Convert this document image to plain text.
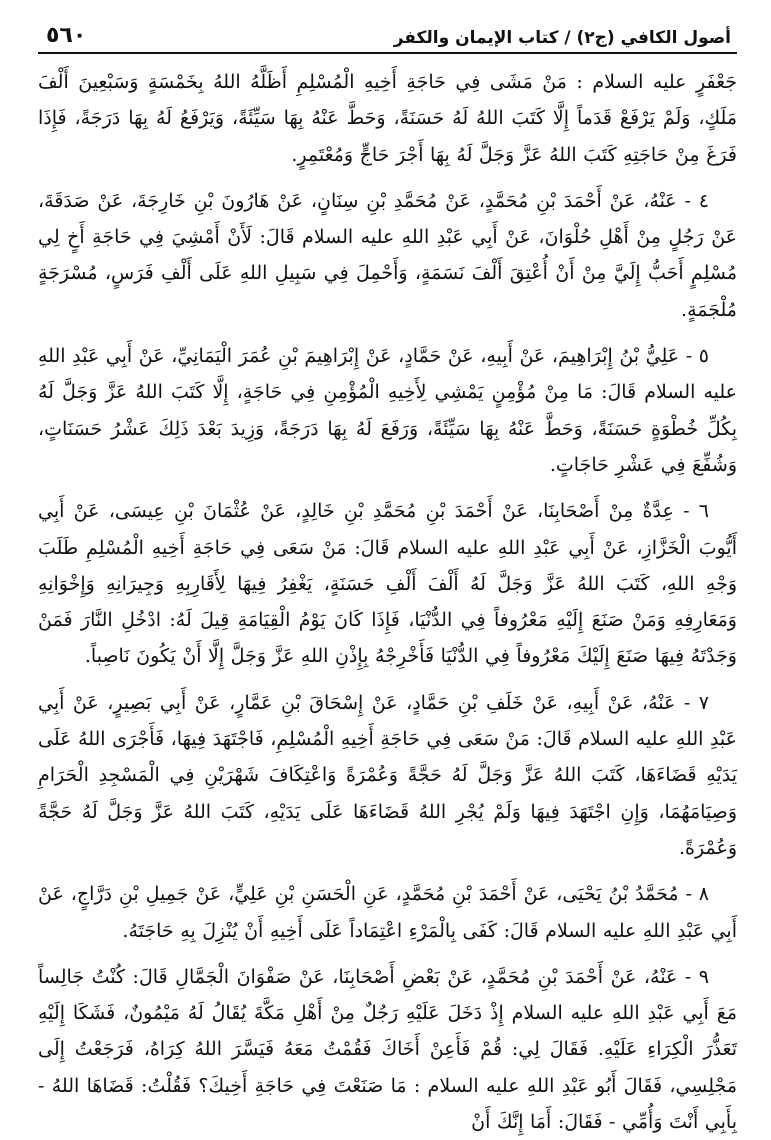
أصول الكافي (ج٢) / كتاب الإيمان والكفر
٥٦٠

جَعْفَرٍ عليه السلام : مَنْ مَشَى فِي حَاجَةِ أَخِيهِ الْمُسْلِمِ أَظَلَّهُ اللهُ بِخَمْسَةٍ وَسَبْعِينَ أَلْفَ مَلَكٍ، وَلَمْ يَرْفَعْ قَدَماً إِلَّا كَتَبَ اللهُ لَهُ حَسَنَةً، وَحَطَّ عَنْهُ بِهَا سَيِّئَةً، وَيَرْفَعُ لَهُ بِهَا دَرَجَةً، فَإِذَا فَرَغَ مِنْ حَاجَتِهِ كَتَبَ اللهُ عَزَّ وَجَلَّ لَهُ بِهَا أَجْرَ حَاجٍّ وَمُعْتَمِرٍ.

٤ - عَنْهُ، عَنْ أَحْمَدَ بْنِ مُحَمَّدٍ، عَنْ مُحَمَّدِ بْنِ سِنَانٍ، عَنْ هَارُونَ بْنِ خَارِجَةَ، عَنْ صَدَقَةَ، عَنْ رَجُلٍ مِنْ أَهْلِ حُلْوَانَ، عَنْ أَبِي عَبْدِ اللهِ عليه السلام قَالَ: لَأَنْ أَمْشِيَ فِي حَاجَةِ أَخٍ لِي مُسْلِمٍ أَحَبُّ إِلَيَّ مِنْ أَنْ أُعْتِقَ أَلْفَ نَسَمَةٍ، وَأَحْمِلَ فِي سَبِيلِ اللهِ عَلَى أَلْفِ فَرَسٍ، مُسْرَجَةٍ مُلْجَمَةٍ.

٥ - عَلِيُّ بْنُ إِبْرَاهِيمَ، عَنْ أَبِيهِ، عَنْ حَمَّادٍ، عَنْ إِبْرَاهِيمَ بْنِ عُمَرَ الْيَمَانِيِّ، عَنْ أَبِي عَبْدِ اللهِ عليه السلام قَالَ: مَا مِنْ مُؤْمِنٍ يَمْشِي لِأَخِيهِ الْمُؤْمِنِ فِي حَاجَةٍ، إِلَّا كَتَبَ اللهُ عَزَّ وَجَلَّ لَهُ بِكُلِّ خُطْوَةٍ حَسَنَةً، وَحَطَّ عَنْهُ بِهَا سَيِّئَةً، وَرَفَعَ لَهُ بِهَا دَرَجَةً، وَزِيدَ بَعْدَ ذَلِكَ عَشْرُ حَسَنَاتٍ، وَشُفِّعَ فِي عَشْرِ حَاجَاتٍ.

٦ - عِدَّةٌ مِنْ أَصْحَابِنَا، عَنْ أَحْمَدَ بْنِ مُحَمَّدِ بْنِ خَالِدٍ، عَنْ عُثْمَانَ بْنِ عِيسَى، عَنْ أَبِي أَيُّوبَ الْخَزَّازِ، عَنْ أَبِي عَبْدِ اللهِ عليه السلام قَالَ: مَنْ سَعَى فِي حَاجَةِ أَخِيهِ الْمُسْلِمِ طَلَبَ وَجْهِ اللهِ، كَتَبَ اللهُ عَزَّ وَجَلَّ لَهُ أَلْفَ أَلْفِ حَسَنَةٍ، يَغْفِرُ فِيهَا لِأَقَارِبِهِ وَجِيرَانِهِ وَإِخْوَانِهِ وَمَعَارِفِهِ وَمَنْ صَنَعَ إِلَيْهِ مَعْرُوفاً فِي الدُّنْيَا، فَإِذَا كَانَ يَوْمُ الْقِيَامَةِ قِيلَ لَهُ: ادْخُلِ النَّارَ فَمَنْ وَجَدْتَهُ فِيهَا صَنَعَ إِلَيْكَ مَعْرُوفاً فِي الدُّنْيَا فَأَخْرِجْهُ بِإِذْنِ اللهِ عَزَّ وَجَلَّ إِلَّا أَنْ يَكُونَ نَاصِباً.

٧ - عَنْهُ، عَنْ أَبِيهِ، عَنْ خَلَفِ بْنِ حَمَّادٍ، عَنْ إِسْحَاقَ بْنِ عَمَّارٍ، عَنْ أَبِي بَصِيرٍ، عَنْ أَبِي عَبْدِ اللهِ عليه السلام قَالَ: مَنْ سَعَى فِي حَاجَةِ أَخِيهِ الْمُسْلِمِ، فَاجْتَهَدَ فِيهَا، فَأَجْرَى اللهُ عَلَى يَدَيْهِ قَضَاءَهَا، كَتَبَ اللهُ عَزَّ وَجَلَّ لَهُ حَجَّةً وَعُمْرَةً وَاعْتِكَافَ شَهْرَيْنِ فِي الْمَسْجِدِ الْحَرَامِ وَصِيَامَهُمَا، وَإِنِ اجْتَهَدَ فِيهَا وَلَمْ يُجْرِ اللهُ قَضَاءَهَا عَلَى يَدَيْهِ، كَتَبَ اللهُ عَزَّ وَجَلَّ لَهُ حَجَّةً وَعُمْرَةً.

٨ - مُحَمَّدُ بْنُ يَحْيَى، عَنْ أَحْمَدَ بْنِ مُحَمَّدٍ، عَنِ الْحَسَنِ بْنِ عَلِيٍّ، عَنْ جَمِيلِ بْنِ دَرَّاجٍ، عَنْ أَبِي عَبْدِ اللهِ عليه السلام قَالَ: كَفَى بِالْمَرْءِ اعْتِمَاداً عَلَى أَخِيهِ أَنْ يُنْزِلَ بِهِ حَاجَتَهُ.

٩ - عَنْهُ، عَنْ أَحْمَدَ بْنِ مُحَمَّدٍ، عَنْ بَعْضِ أَصْحَابِنَا، عَنْ صَفْوَانَ الْجَمَّالِ قَالَ: كُنْتُ جَالِساً مَعَ أَبِي عَبْدِ اللهِ عليه السلام إِذْ دَخَلَ عَلَيْهِ رَجُلٌ مِنْ أَهْلِ مَكَّةَ يُقَالُ لَهُ مَيْمُونٌ، فَشَكَا إِلَيْهِ تَعَذُّرَ الْكِرَاءِ عَلَيْهِ. فَقَالَ لِي: قُمْ فَأَعِنْ أَخَاكَ فَقُمْتُ مَعَهُ فَيَسَّرَ اللهُ كِرَاهُ، فَرَجَعْتُ إِلَى مَجْلِسِي، فَقَالَ أَبُو عَبْدِ اللهِ عليه السلام : مَا صَنَعْتَ فِي حَاجَةِ أَخِيكَ؟ فَقُلْتُ: قَضَاهَا اللهُ - بِأَبِي أَنْتَ وَأُمِّي - فَقَالَ: أَمَا إِنَّكَ أَنْ
